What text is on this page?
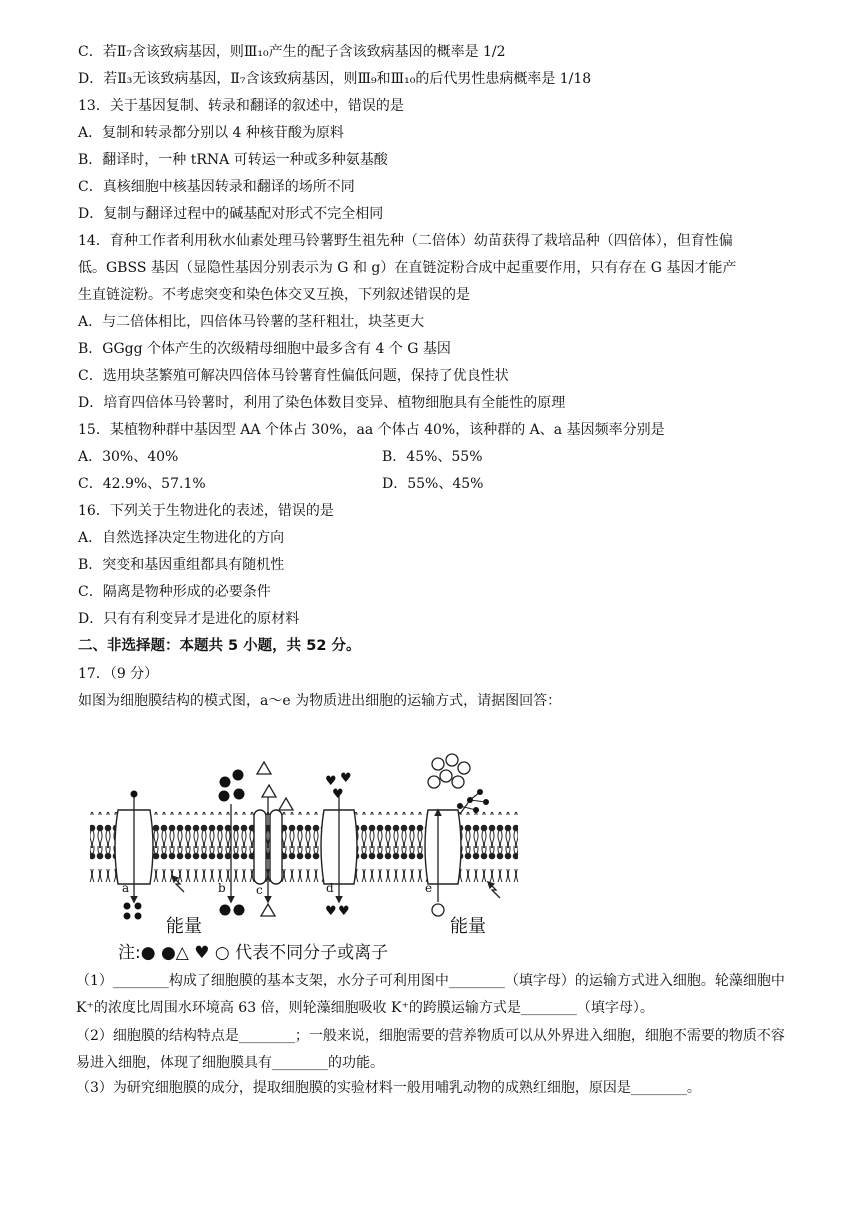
C．若Ⅱ₇含该致病基因，则Ⅲ₁₀产生的配子含该致病基因的概率是 1/2
D．若Ⅱ₃无该致病基因，Ⅱ₇含该致病基因，则Ⅲ₉和Ⅲ₁₀的后代男性患病概率是 1/18
13．关于基因复制、转录和翻译的叙述中，错误的是
A．复制和转录都分别以 4 种核苷酸为原料
B．翻译时，一种 tRNA 可转运一种或多种氨基酸
C．真核细胞中核基因转录和翻译的场所不同
D．复制与翻译过程中的碱基配对形式不完全相同
14．育种工作者利用秋水仙素处理马铃薯野生祖先种（二倍体）幼苗获得了栽培品种（四倍体），但育性偏
低。GBSS 基因（显隐性基因分别表示为 G 和 g）在直链淀粉合成中起重要作用，只有存在 G 基因才能产
生直链淀粉。不考虑突变和染色体交叉互换，下列叙述错误的是
A．与二倍体相比，四倍体马铃薯的茎秆粗壮，块茎更大
B．GGgg 个体产生的次级精母细胞中最多含有 4 个 G 基因
C．选用块茎繁殖可解决四倍体马铃薯育性偏低问题，保持了优良性状
D．培育四倍体马铃薯时，利用了染色体数目变异、植物细胞具有全能性的原理
15．某植物种群中基因型 AA 个体占 30%，aa 个体占 40%，该种群的 A、a 基因频率分别是
A．30%、40%	B．45%、55%
C．42.9%、57.1%	D．55%、45%
16．下列关于生物进化的表述，错误的是
A．自然选择决定生物进化的方向
B．突变和基因重组都具有随机性
C．隔离是物种形成的必要条件
D．只有有利变异才是进化的原材料
二、非选择题：本题共 5 小题，共 52 分。
17．（9 分）
如图为细胞膜结构的模式图，a～e 为物质进出细胞的运输方式，请据图回答：
♥ ♥
♥
a	b	c	d	e
♥ ♥
能量	能量
注:● ●△ ♥ ○ 代表不同分子或离子
（1）________构成了细胞膜的基本支架，水分子可利用图中________（填字母）的运输方式进入细胞。轮藻细胞中 K⁺的浓度比周围水环境高 63 倍，则轮藻细胞吸收 K⁺的跨膜运输方式是________（填字母）。
（2）细胞膜的结构特点是________；一般来说，细胞需要的营养物质可以从外界进入细胞，细胞不需要的物质不容易进入细胞，体现了细胞膜具有________的功能。
（3）为研究细胞膜的成分，提取细胞膜的实验材料一般用哺乳动物的成熟红细胞，原因是________。
